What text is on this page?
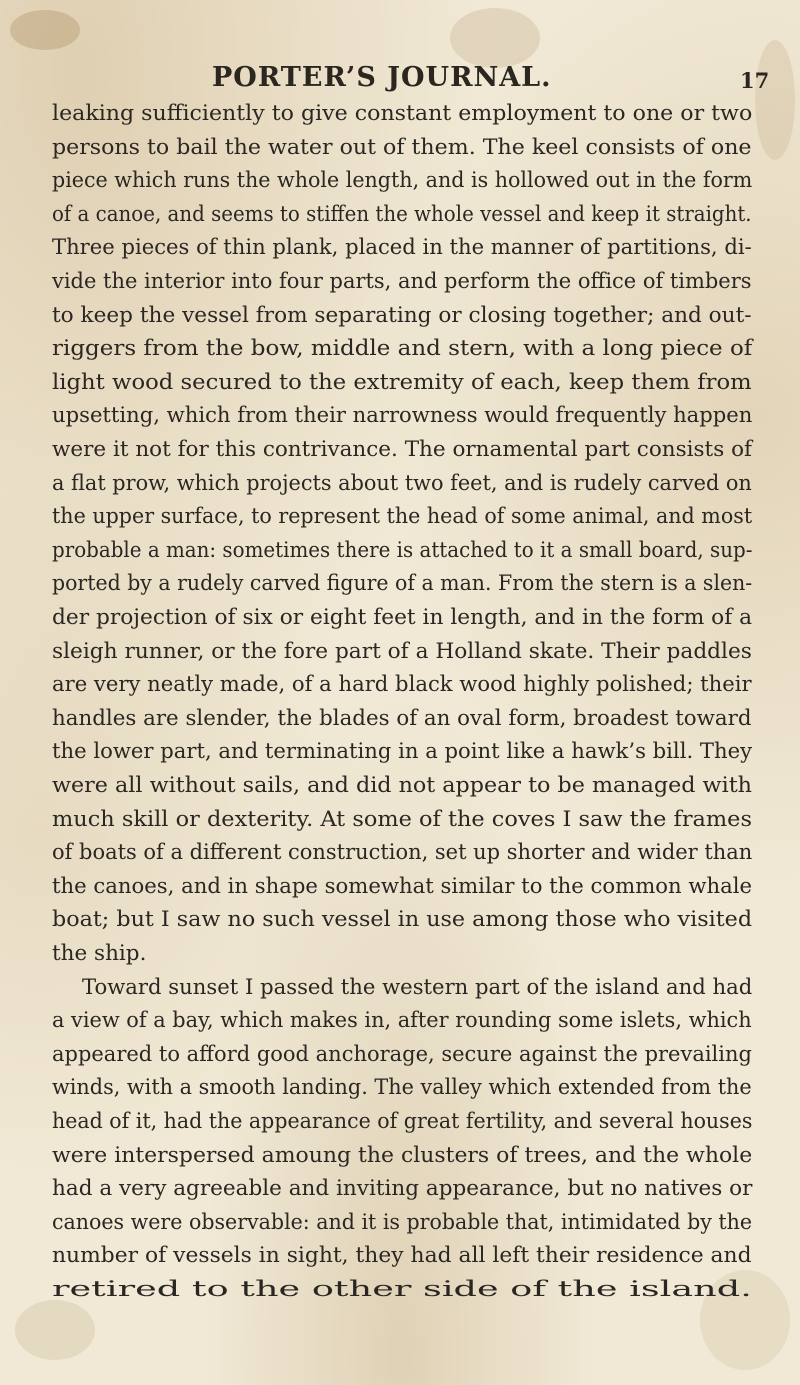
PORTER’S JOURNAL.	17
leaking sufficiently to give constant employment to one or two
persons to bail the water out of them. The keel consists of one
piece which runs the whole length, and is hollowed out in the form
of a canoe, and seems to stiffen the whole vessel and keep it straight.
Three pieces of thin plank, placed in the manner of partitions, di-
vide the interior into four parts, and perform the office of timbers
to keep the vessel from separating or closing together; and out-
riggers from the bow, middle and stern, with a long piece of
light wood secured to the extremity of each, keep them from
upsetting, which from their narrowness would frequently happen
were it not for this contrivance. The ornamental part consists of
a flat prow, which projects about two feet, and is rudely carved on
the upper surface, to represent the head of some animal, and most
probable a man: sometimes there is attached to it a small board, sup-
ported by a rudely carved figure of a man. From the stern is a slen-
der projection of six or eight feet in length, and in the form of a
sleigh runner, or the fore part of a Holland skate. Their paddles
are very neatly made, of a hard black wood highly polished; their
handles are slender, the blades of an oval form, broadest toward
the lower part, and terminating in a point like a hawk’s bill. They
were all without sails, and did not appear to be managed with
much skill or dexterity. At some of the coves I saw the frames
of boats of a different construction, set up shorter and wider than
the canoes, and in shape somewhat similar to the common whale
boat; but I saw no such vessel in use among those who visited
the ship.
Toward sunset I passed the western part of the island and had
a view of a bay, which makes in, after rounding some islets, which
appeared to afford good anchorage, secure against the prevailing
winds, with a smooth landing. The valley which extended from the
head of it, had the appearance of great fertility, and several houses
were interspersed amoung the clusters of trees, and the whole
had a very agreeable and inviting appearance, but no natives or
canoes were observable: and it is probable that, intimidated by the
number of vessels in sight, they had all left their residence and
retired to the other side of the island.
